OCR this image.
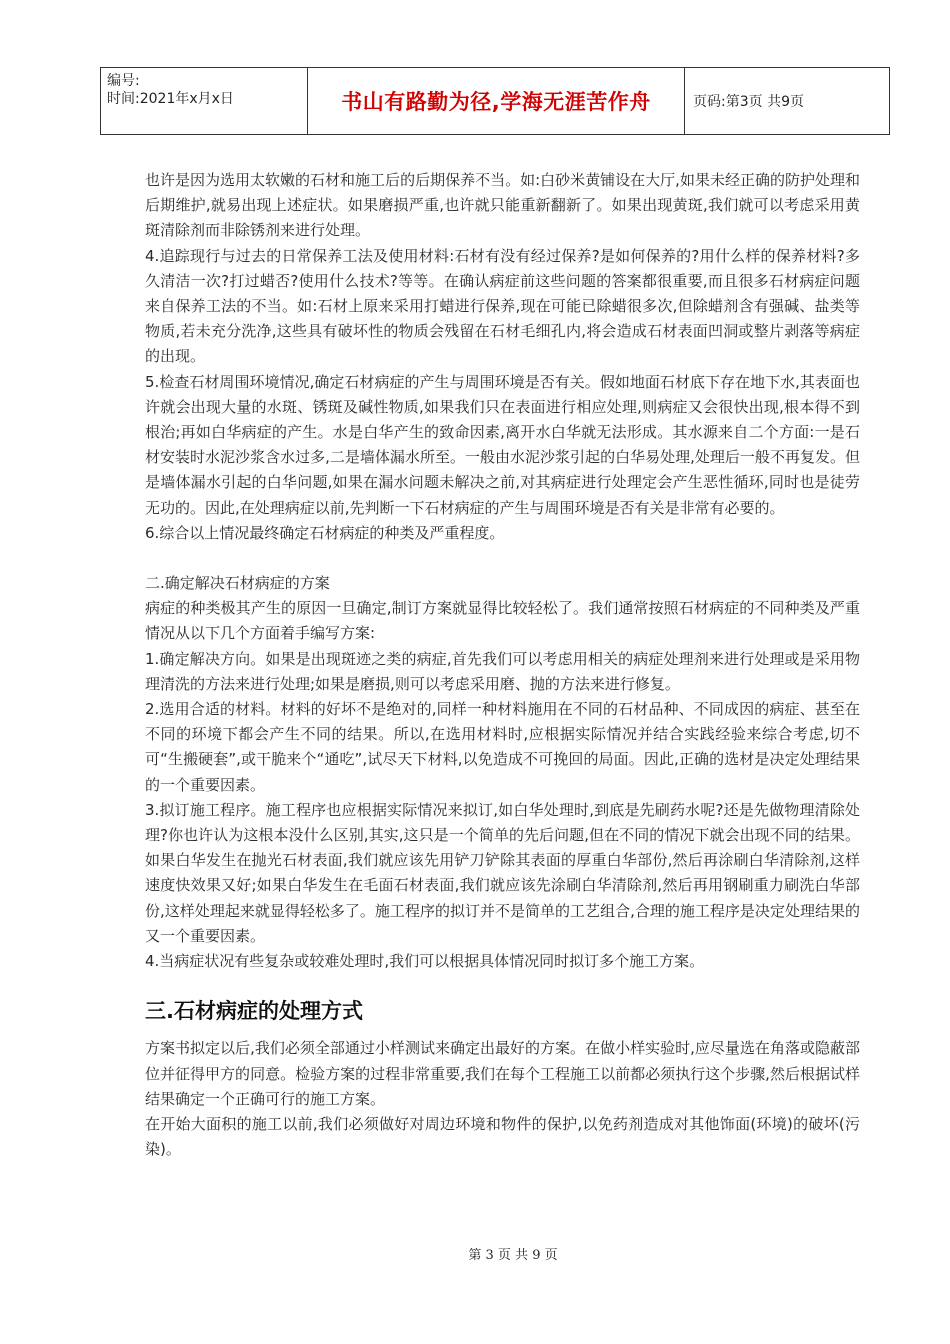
编号:
时间:2021年x月x日	书山有路勤为径,学海无涯苦作舟	页码:第3页 共9页

也许是因为选用太软嫩的石材和施工后的后期保养不当。如:白砂米黄铺设在大厅,如果未经正确的防护处理和后期维护,就易出现上述症状。如果磨损严重,也许就只能重新翻新了。如果出现黄斑,我们就可以考虑采用黄斑清除剂而非除锈剂来进行处理。

4.追踪现行与过去的日常保养工法及使用材料:石材有没有经过保养?是如何保养的?用什么样的保养材料?多久清洁一次?打过蜡否?使用什么技术?等等。在确认病症前这些问题的答案都很重要,而且很多石材病症问题来自保养工法的不当。如:石材上原来采用打蜡进行保养,现在可能已除蜡很多次,但除蜡剂含有强碱、盐类等物质,若未充分洗净,这些具有破坏性的物质会残留在石材毛细孔内,将会造成石材表面凹洞或整片剥落等病症的出现。

5.检查石材周围环境情况,确定石材病症的产生与周围环境是否有关。假如地面石材底下存在地下水,其表面也许就会出现大量的水斑、锈斑及碱性物质,如果我们只在表面进行相应处理,则病症又会很快出现,根本得不到根治;再如白华病症的产生。水是白华产生的致命因素,离开水白华就无法形成。其水源来自二个方面:一是石材安装时水泥沙浆含水过多,二是墙体漏水所至。一般由水泥沙浆引起的白华易处理,处理后一般不再复发。但是墙体漏水引起的白华问题,如果在漏水问题未解决之前,对其病症进行处理定会产生恶性循环,同时也是徒劳无功的。因此,在处理病症以前,先判断一下石材病症的产生与周围环境是否有关是非常有必要的。

6.综合以上情况最终确定石材病症的种类及严重程度。

二.确定解决石材病症的方案

病症的种类极其产生的原因一旦确定,制订方案就显得比较轻松了。我们通常按照石材病症的不同种类及严重情况从以下几个方面着手编写方案:

1.确定解决方向。如果是出现斑迹之类的病症,首先我们可以考虑用相关的病症处理剂来进行处理或是采用物理清洗的方法来进行处理;如果是磨损,则可以考虑采用磨、抛的方法来进行修复。

2.选用合适的材料。材料的好坏不是绝对的,同样一种材料施用在不同的石材品种、不同成因的病症、甚至在不同的环境下都会产生不同的结果。所以,在选用材料时,应根据实际情况并结合实践经验来综合考虑,切不可“生搬硬套”,或干脆来个“通吃”,试尽天下材料,以免造成不可挽回的局面。因此,正确的选材是决定处理结果的一个重要因素。

3.拟订施工程序。施工程序也应根据实际情况来拟订,如白华处理时,到底是先刷药水呢?还是先做物理清除处理?你也许认为这根本没什么区别,其实,这只是一个简单的先后问题,但在不同的情况下就会出现不同的结果。如果白华发生在抛光石材表面,我们就应该先用铲刀铲除其表面的厚重白华部份,然后再涂刷白华清除剂,这样速度快效果又好;如果白华发生在毛面石材表面,我们就应该先涂刷白华清除剂,然后再用钢刷重力刷洗白华部份,这样处理起来就显得轻松多了。施工程序的拟订并不是简单的工艺组合,合理的施工程序是决定处理结果的又一个重要因素。

4.当病症状况有些复杂或较难处理时,我们可以根据具体情况同时拟订多个施工方案。

三.石材病症的处理方式

方案书拟定以后,我们必须全部通过小样测试来确定出最好的方案。在做小样实验时,应尽量选在角落或隐蔽部位并征得甲方的同意。检验方案的过程非常重要,我们在每个工程施工以前都必须执行这个步骤,然后根据试样结果确定一个正确可行的施工方案。

在开始大面积的施工以前,我们必须做好对周边环境和物件的保护,以免药剂造成对其他饰面(环境)的破坏(污染)。

第 3 页 共 9 页
